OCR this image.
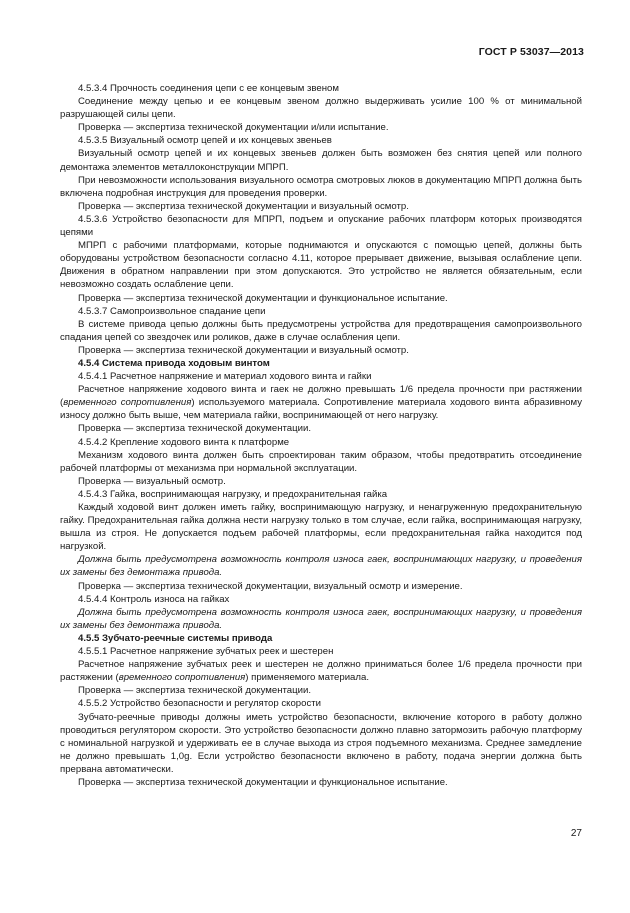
ГОСТ Р 53037—2013

4.5.3.4 Прочность соединения цепи с ее концевым звеном

Соединение между цепью и ее концевым звеном должно выдерживать усилие 100 % от минимальной разрушающей силы цепи.

Проверка — экспертиза технической документации и/или испытание.

4.5.3.5 Визуальный осмотр цепей и их концевых звеньев

Визуальный осмотр цепей и их концевых звеньев должен быть возможен без снятия цепей или полного демонтажа элементов металлоконструкции МПРП.

При невозможности использования визуального осмотра смотровых люков в документацию МПРП должна быть включена подробная инструкция для проведения проверки.

Проверка — экспертиза технической документации и визуальный осмотр.

4.5.3.6 Устройство безопасности для МПРП, подъем и опускание рабочих платформ которых производятся цепями

МПРП с рабочими платформами, которые поднимаются и опускаются с помощью цепей, должны быть оборудованы устройством безопасности согласно 4.11, которое прерывает движение, вызывая ослабление цепи. Движения в обратном направлении при этом допускаются. Это устройство не является обязательным, если невозможно создать ослабление цепи.

Проверка — экспертиза технической документации и функциональное испытание.

4.5.3.7 Самопроизвольное спадание цепи

В системе привода цепью должны быть предусмотрены устройства для предотвращения самопроизвольного спадания цепей со звездочек или роликов, даже в случае ослабления цепи.

Проверка — экспертиза технической документации и визуальный осмотр.

4.5.4 Система привода ходовым винтом

4.5.4.1 Расчетное напряжение и материал ходового винта и гайки

Расчетное напряжение ходового винта и гаек не должно превышать 1/6 предела прочности при растяжении (временного сопротивления) используемого материала. Сопротивление материала ходового винта абразивному износу должно быть выше, чем материала гайки, воспринимающей от него нагрузку.

Проверка — экспертиза технической документации.

4.5.4.2 Крепление ходового винта к платформе

Механизм ходового винта должен быть спроектирован таким образом, чтобы предотвратить отсоединение рабочей платформы от механизма при нормальной эксплуатации.

Проверка — визуальный осмотр.

4.5.4.3 Гайка, воспринимающая нагрузку, и предохранительная гайка

Каждый ходовой винт должен иметь гайку, воспринимающую нагрузку, и ненагруженную предохранительную гайку. Предохранительная гайка должна нести нагрузку только в том случае, если гайка, воспринимающая нагрузку, вышла из строя. Не допускается подъем рабочей платформы, если предохранительная гайка находится под нагрузкой.

Должна быть предусмотрена возможность контроля износа гаек, воспринимающих нагрузку, и проведения их замены без демонтажа привода.

Проверка — экспертиза технической документации, визуальный осмотр и измерение.

4.5.4.4 Контроль износа на гайках

Должна быть предусмотрена возможность контроля износа гаек, воспринимающих нагрузку, и проведения их замены без демонтажа привода.

4.5.5 Зубчато-реечные системы привода

4.5.5.1 Расчетное напряжение зубчатых реек и шестерен

Расчетное напряжение зубчатых реек и шестерен не должно приниматься более 1/6 предела прочности при растяжении (временного сопротивления) применяемого материала.

Проверка — экспертиза технической документации.

4.5.5.2 Устройство безопасности и регулятор скорости

Зубчато-реечные приводы должны иметь устройство безопасности, включение которого в работу должно проводиться регулятором скорости. Это устройство безопасности должно плавно затормозить рабочую платформу с номинальной нагрузкой и удерживать ее в случае выхода из строя подъемного механизма. Среднее замедление не должно превышать 1,0g. Если устройство безопасности включено в работу, подача энергии должна быть прервана автоматически.

Проверка — экспертиза технической документации и функциональное испытание.

27
